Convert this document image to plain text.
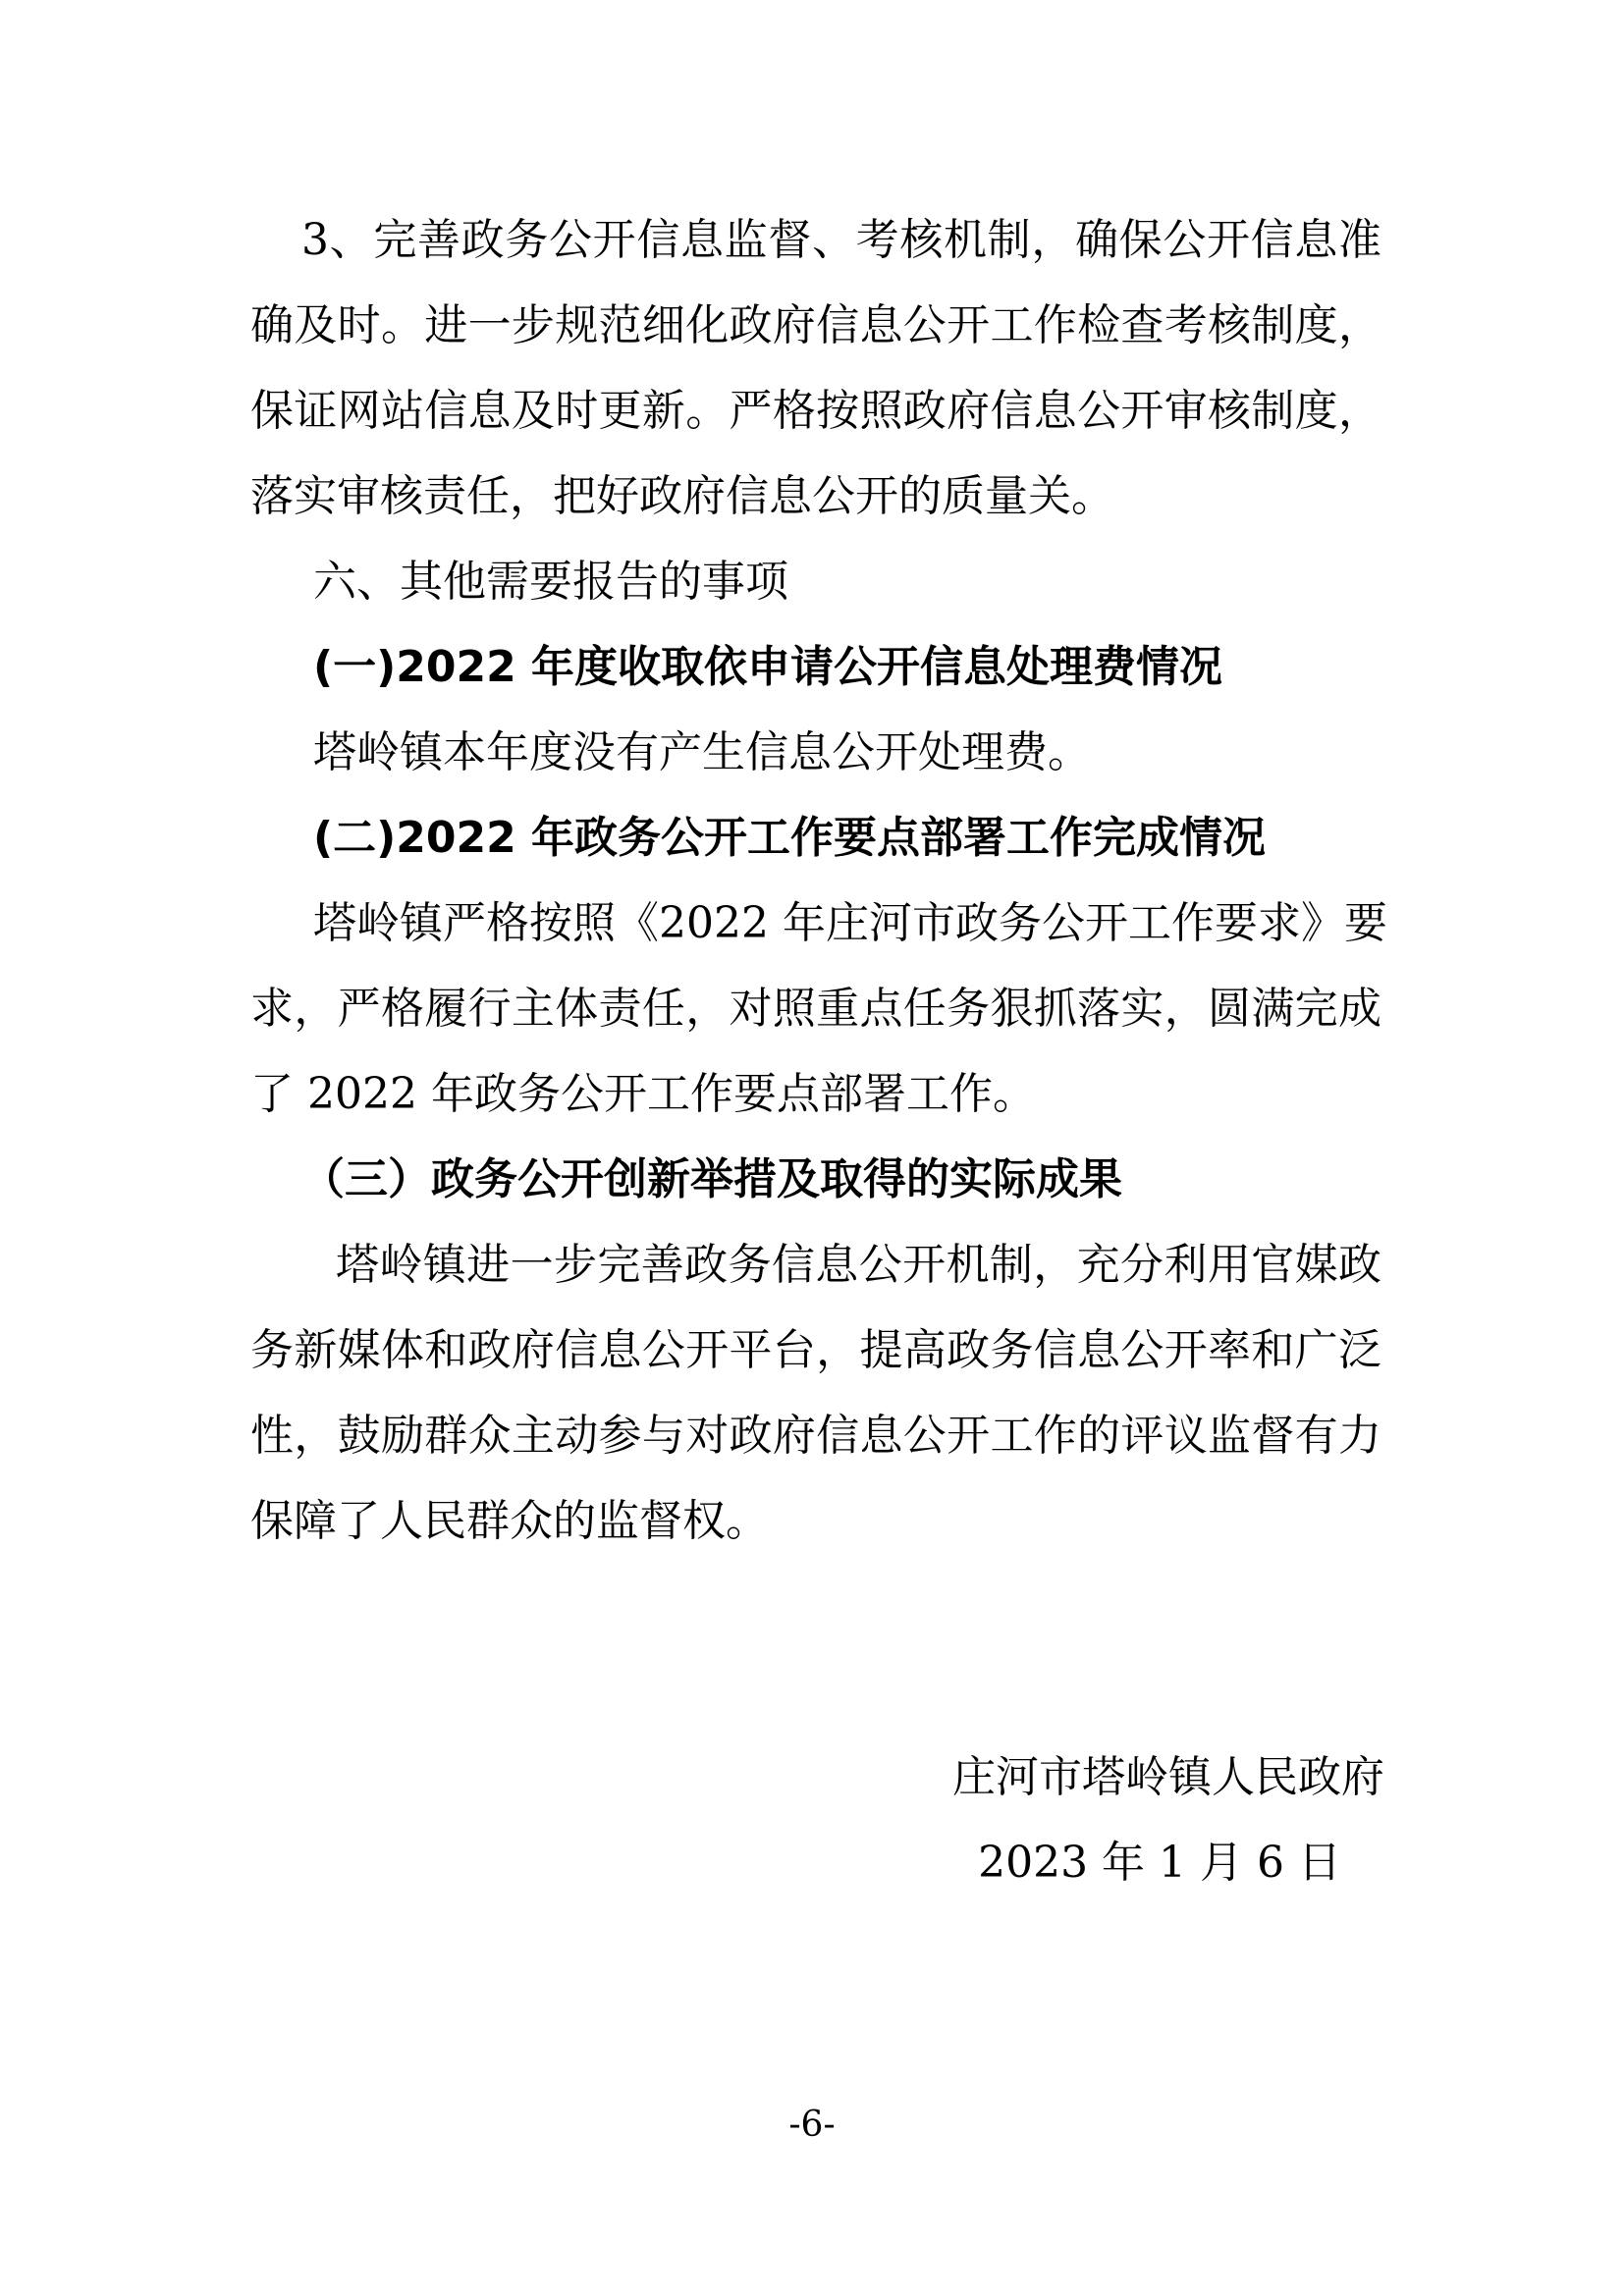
3、完善政务公开信息监督、考核机制，确保公开信息准

确及时。进一步规范细化政府信息公开工作检查考核制度，

保证网站信息及时更新。严格按照政府信息公开审核制度，

落实审核责任，把好政府信息公开的质量关。

六、其他需要报告的事项

(一)2022 年度收取依申请公开信息处理费情况

塔岭镇本年度没有产生信息公开处理费。

(二)2022 年政务公开工作要点部署工作完成情况

塔岭镇严格按照《2022 年庄河市政务公开工作要求》要

求，严格履行主体责任，对照重点任务狠抓落实，圆满完成

了 2022 年政务公开工作要点部署工作。

（三）政务公开创新举措及取得的实际成果

塔岭镇进一步完善政务信息公开机制，充分利用官媒政

务新媒体和政府信息公开平台，提高政务信息公开率和广泛

性，鼓励群众主动参与对政府信息公开工作的评议监督有力

保障了人民群众的监督权。

庄河市塔岭镇人民政府

2023 年 1 月 6 日

-6-
